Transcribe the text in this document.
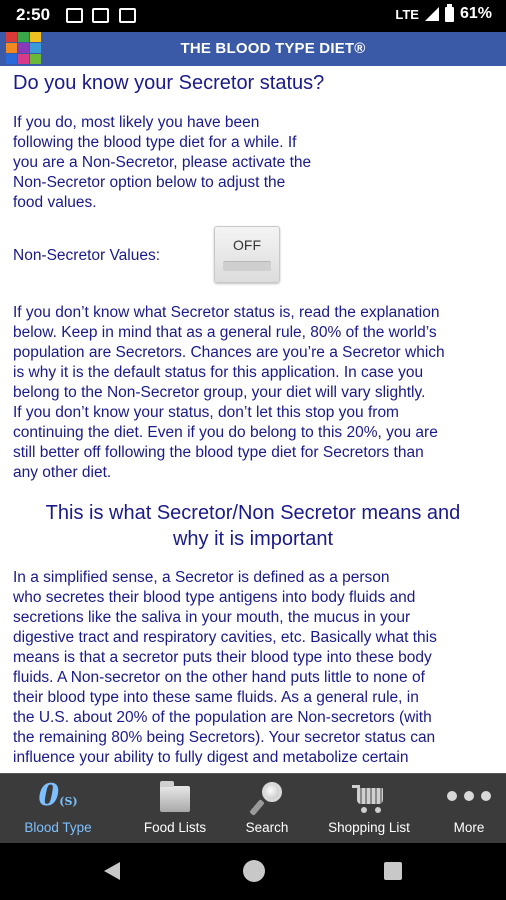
2:50	LTE	61%
THE BLOOD TYPE DIET®
Do you know your Secretor status?
If you do, most likely you have been
following the blood type diet for a while. If
you are a Non-Secretor, please activate the
Non-Secretor option below to adjust the
food values.
Non-Secretor Values:
OFF
If you don’t know what Secretor status is, read the explanation
below. Keep in mind that as a general rule, 80% of the world’s
population are Secretors. Chances are you’re a Secretor which
is why it is the default status for this application. In case you
belong to the Non-Secretor group, your diet will vary slightly.
If you don’t know your status, don’t let this stop you from
continuing the diet. Even if you do belong to this 20%, you are
still better off following the blood type diet for Secretors than
any other diet.
This is what Secretor/Non Secretor means and
why it is important
In a simplified sense, a Secretor is defined as a person
who secretes their blood type antigens into body fluids and
secretions like the saliva in your mouth, the mucus in your
digestive tract and respiratory cavities, etc. Basically what this
means is that a secretor puts their blood type into these body
fluids. A Non-secretor on the other hand puts little to none of
their blood type into these same fluids. As a general rule, in
the U.S. about 20% of the population are Non-secretors (with
the remaining 80% being Secretors). Your secretor status can
influence your ability to fully digest and metabolize certain
0(S)
Blood Type	Food Lists	Search	Shopping List	More
